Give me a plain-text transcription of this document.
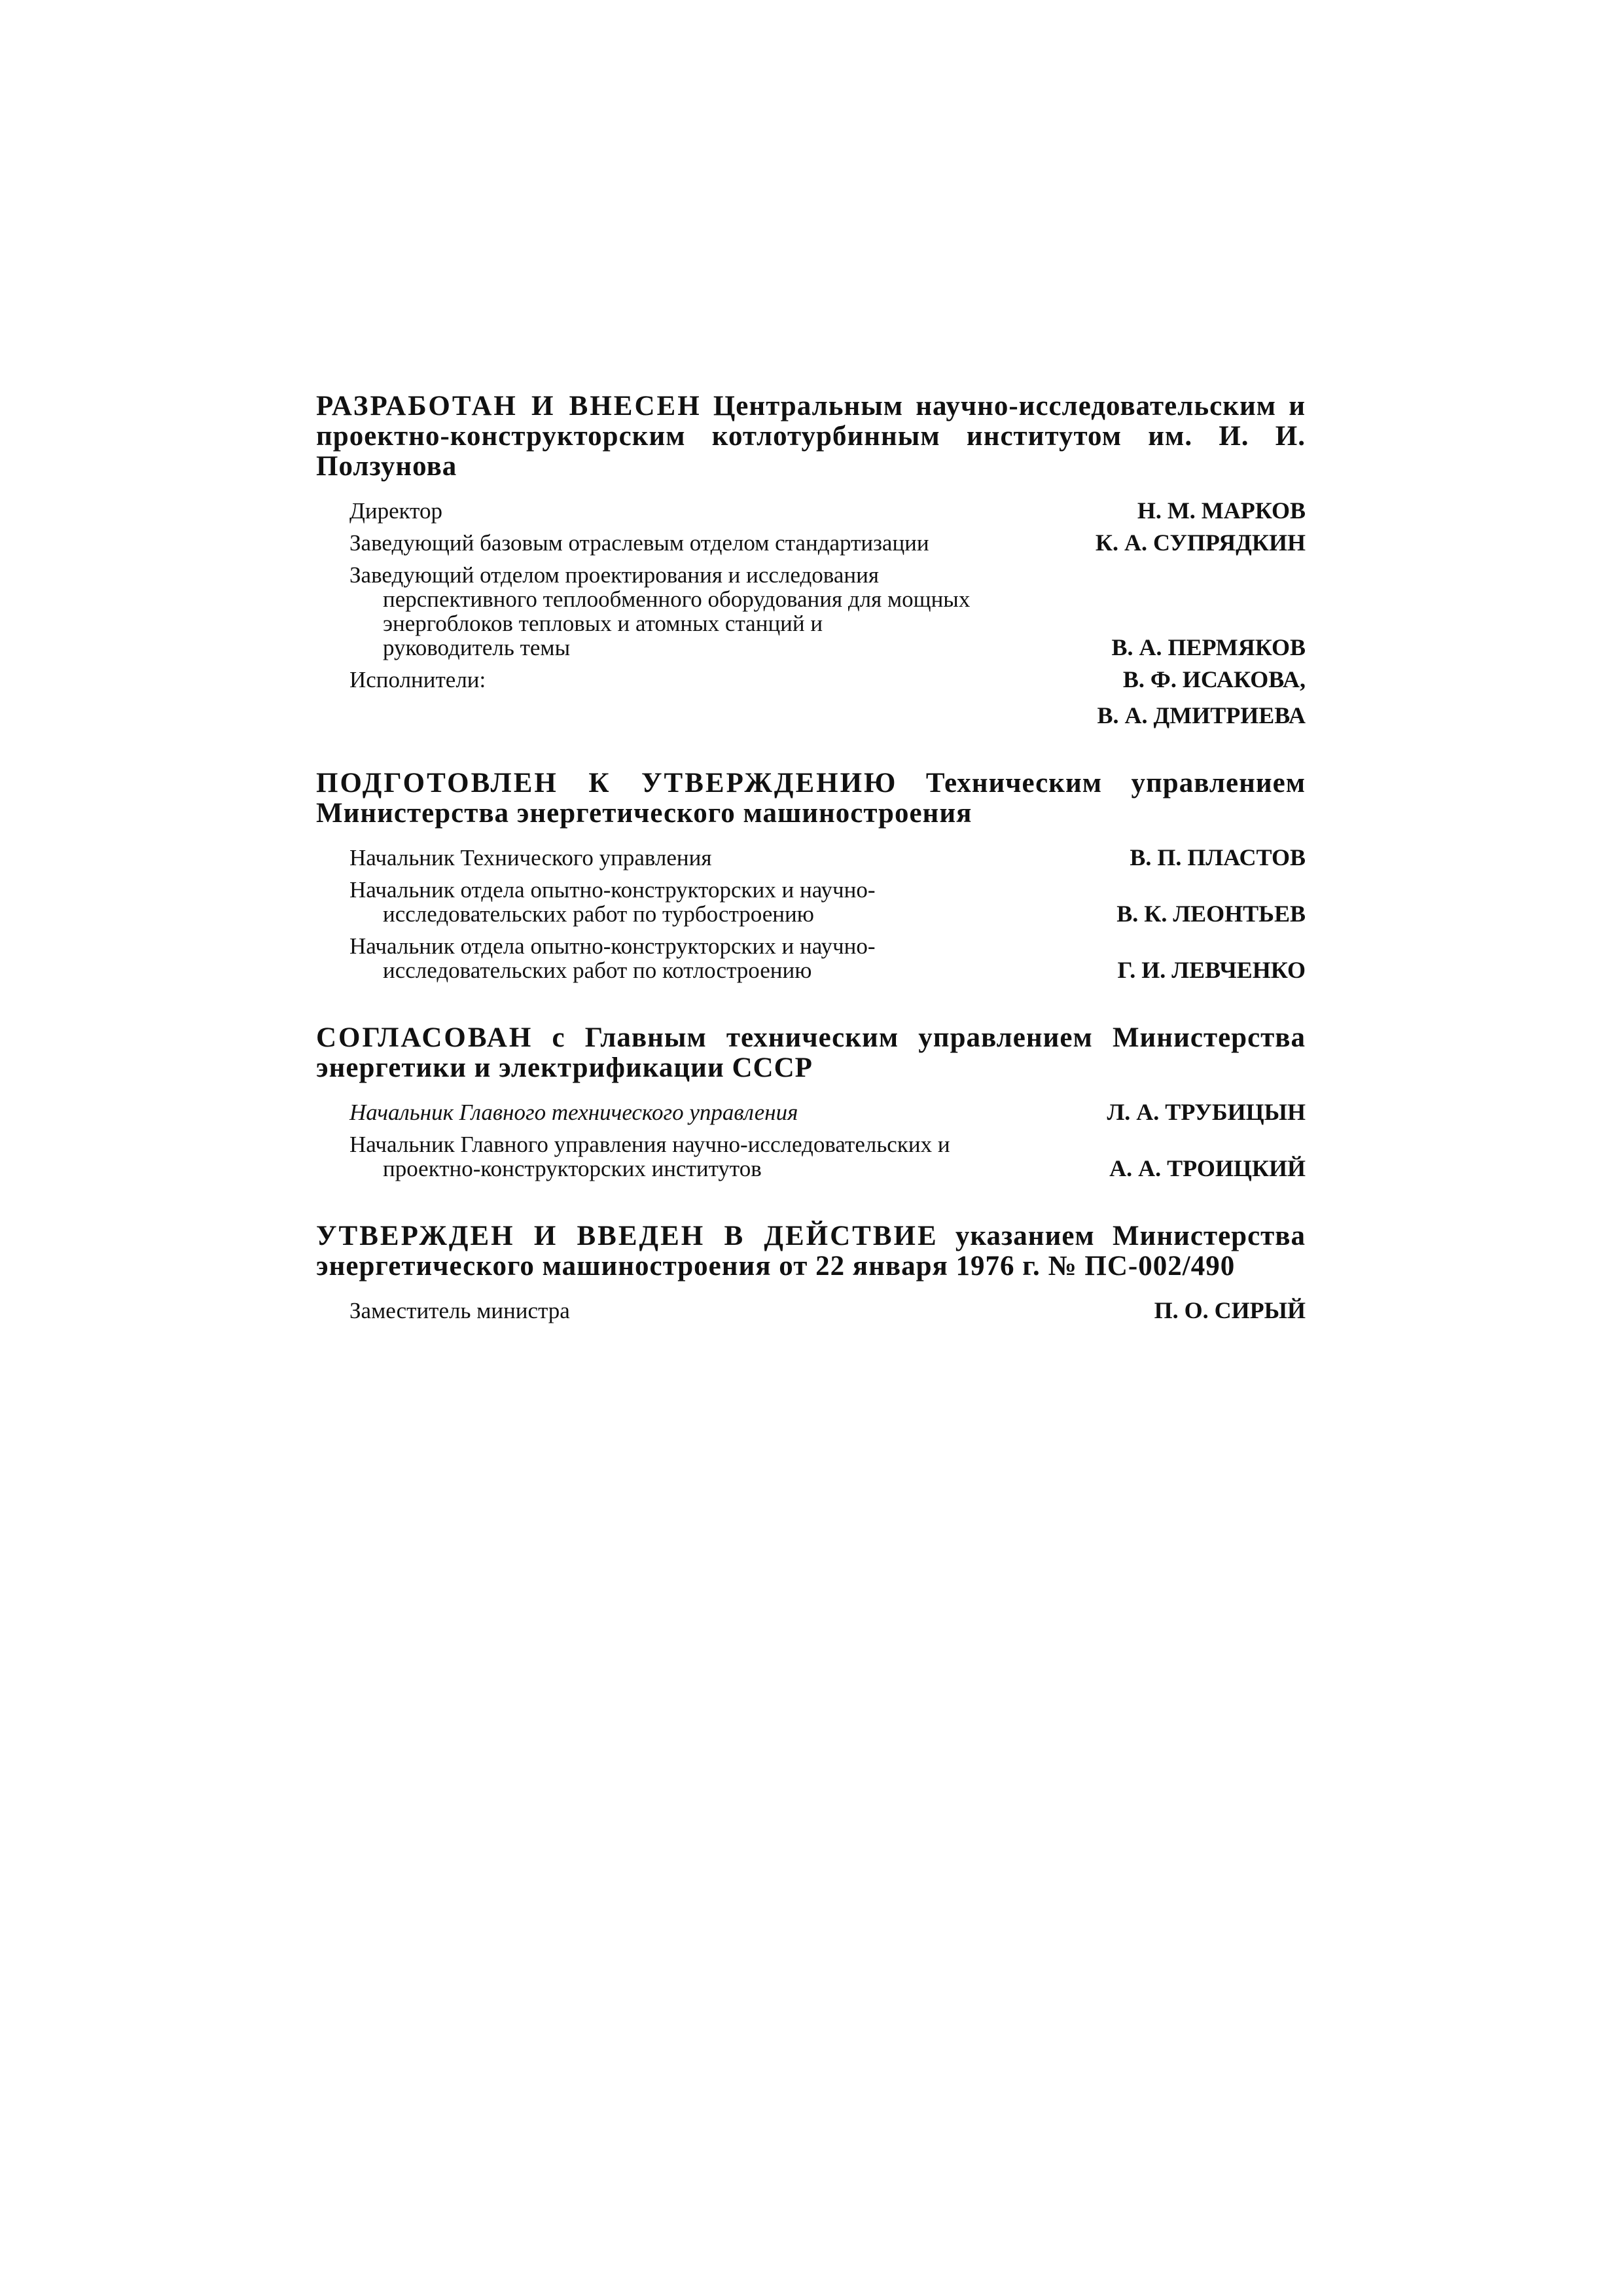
РАЗРАБОТАН И ВНЕСЕН Центральным научно-исследовательским и проектно-конструкторским котлотурбинным институтом им. И. И. Ползунова

Директор	Н. М. МАРКОВ
Заведующий базовым отраслевым отделом стандартизации	К. А. СУПРЯДКИН
Заведующий отделом проектирования и исследования
перспективного теплообменного оборудования для мощных
энергоблоков тепловых и атомных станций и
руководитель темы	В. А. ПЕРМЯКОВ
Исполнители:	В. Ф. ИСАКОВА,
В. А. ДМИТРИЕВА

ПОДГОТОВЛЕН К УТВЕРЖДЕНИЮ Техническим управлением Министерства энергетического машиностроения

Начальник Технического управления	В. П. ПЛАСТОВ
Начальник отдела опытно-конструкторских и научно-
исследовательских работ по турбостроению	В. К. ЛЕОНТЬЕВ
Начальник отдела опытно-конструкторских и научно-
исследовательских работ по котлостроению	Г. И. ЛЕВЧЕНКО

СОГЛАСОВАН с Главным техническим управлением Министерства энергетики и электрификации СССР

Начальник Главного технического управления	Л. А. ТРУБИЦЫН
Начальник Главного управления научно-исследовательских и
проектно-конструкторских институтов	А. А. ТРОИЦКИЙ

УТВЕРЖДЕН И ВВЕДЕН В ДЕЙСТВИЕ указанием Министерства энергетического машиностроения от 22 января 1976 г. № ПС-002/490

Заместитель министра	П. О. СИРЫЙ
